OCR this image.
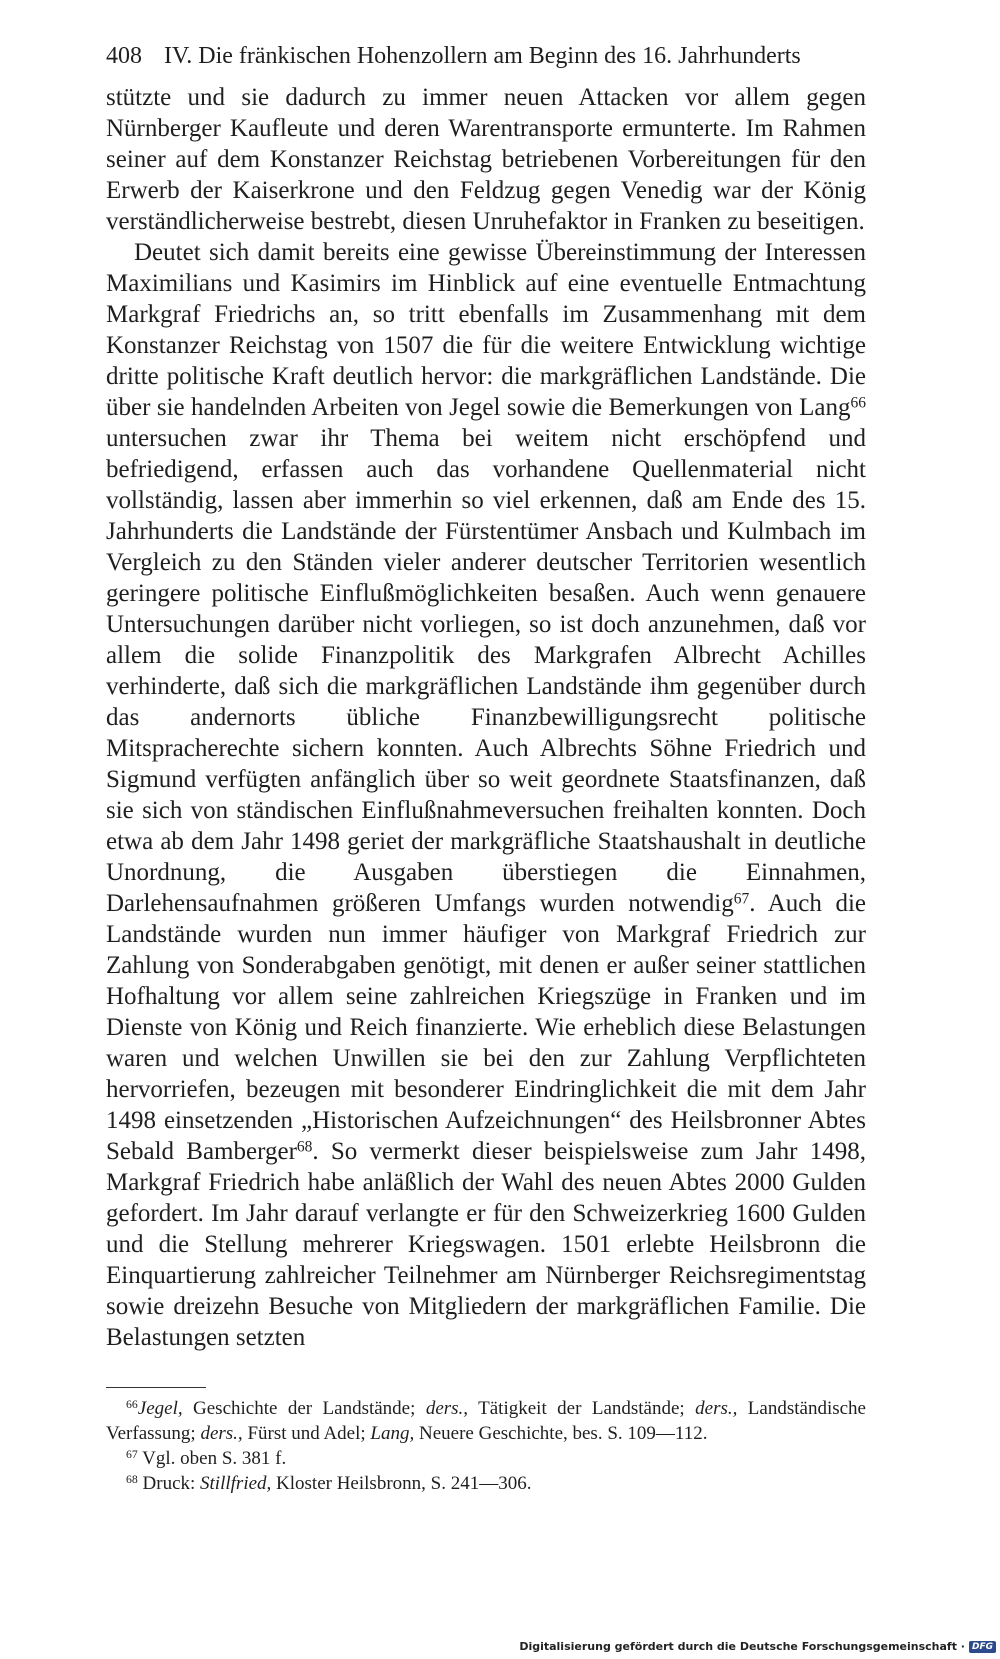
408 IV. Die fränkischen Hohenzollern am Beginn des 16. Jahrhunderts

stützte und sie dadurch zu immer neuen Attacken vor allem gegen Nürnberger Kaufleute und deren Warentransporte ermunterte. Im Rahmen seiner auf dem Konstanzer Reichstag betriebenen Vorbereitungen für den Erwerb der Kaiserkrone und den Feldzug gegen Venedig war der König verständlicherweise bestrebt, diesen Unruhefaktor in Franken zu beseitigen.

Deutet sich damit bereits eine gewisse Übereinstimmung der Interessen Maximilians und Kasimirs im Hinblick auf eine eventuelle Entmachtung Markgraf Friedrichs an, so tritt ebenfalls im Zusammenhang mit dem Konstanzer Reichstag von 1507 die für die weitere Entwicklung wichtige dritte politische Kraft deutlich hervor: die markgräflichen Landstände. Die über sie handelnden Arbeiten von Jegel sowie die Bemerkungen von Lang$^{66}$ untersuchen zwar ihr Thema bei weitem nicht erschöpfend und befriedigend, erfassen auch das vorhandene Quellenmaterial nicht vollständig, lassen aber immerhin so viel erkennen, daß am Ende des 15. Jahrhunderts die Landstände der Fürstentümer Ansbach und Kulmbach im Vergleich zu den Ständen vieler anderer deutscher Territorien wesentlich geringere politische Einflußmöglichkeiten besaßen. Auch wenn genauere Untersuchungen darüber nicht vorliegen, so ist doch anzunehmen, daß vor allem die solide Finanzpolitik des Markgrafen Albrecht Achilles verhinderte, daß sich die markgräflichen Landstände ihm gegenüber durch das andernorts übliche Finanzbewilligungsrecht politische Mitspracherechte sichern konnten. Auch Albrechts Söhne Friedrich und Sigmund verfügten anfänglich über so weit geordnete Staatsfinanzen, daß sie sich von ständischen Einflußnahmeversuchen freihalten konnten. Doch etwa ab dem Jahr 1498 geriet der markgräfliche Staatshaushalt in deutliche Unordnung, die Ausgaben überstiegen die Einnahmen, Darlehensaufnahmen größeren Umfangs wurden notwendig$^{67}$. Auch die Landstände wurden nun immer häufiger von Markgraf Friedrich zur Zahlung von Sonderabgaben genötigt, mit denen er außer seiner stattlichen Hofhaltung vor allem seine zahlreichen Kriegszüge in Franken und im Dienste von König und Reich finanzierte. Wie erheblich diese Belastungen waren und welchen Unwillen sie bei den zur Zahlung Verpflichteten hervorriefen, bezeugen mit besonderer Eindringlichkeit die mit dem Jahr 1498 einsetzenden „Historischen Aufzeichnungen“ des Heilsbronner Abtes Sebald Bamberger$^{68}$. So vermerkt dieser beispielsweise zum Jahr 1498, Markgraf Friedrich habe anläßlich der Wahl des neuen Abtes 2000 Gulden gefordert. Im Jahr darauf verlangte er für den Schweizerkrieg 1600 Gulden und die Stellung mehrerer Kriegswagen. 1501 erlebte Heilsbronn die Einquartierung zahlreicher Teilnehmer am Nürnberger Reichsregimentstag sowie dreizehn Besuche von Mitgliedern der markgräflichen Familie. Die Belastungen setzten

$^{66}$Jegel, Geschichte der Landstände; ders., Tätigkeit der Landstände; ders., Landständische Verfassung; ders., Fürst und Adel; Lang, Neuere Geschichte, bes. S. 109—112.

$^{67}$ Vgl. oben S. 381 f.

$^{68}$ Druck: Stillfried, Kloster Heilsbronn, S. 241—306.

Digitalisierung gefördert durch die Deutsche Forschungsgemeinschaft · DFG
